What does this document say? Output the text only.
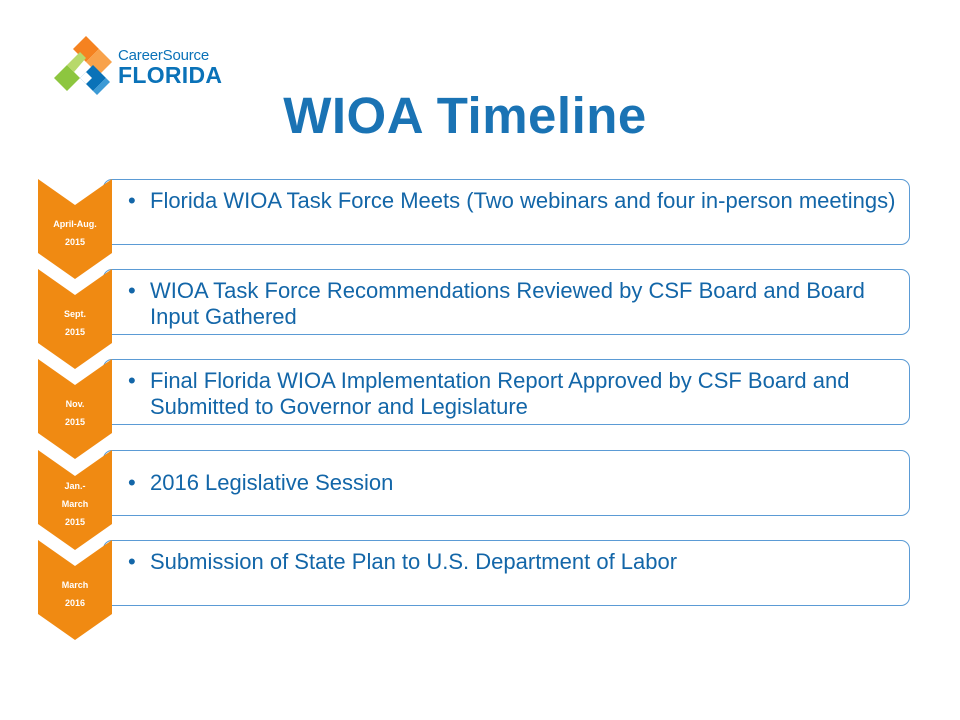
CareerSource
FLORIDA
WIOA Timeline
• Florida WIOA Task Force Meets (Two webinars and four in-person meetings)
April-Aug.
2015
• WIOA Task Force Recommendations Reviewed by CSF Board and Board Input Gathered
Sept.
2015
• Final Florida WIOA Implementation Report Approved by CSF Board and Submitted to Governor and Legislature
Nov.
2015
• 2016 Legislative Session
Jan.-
March
2015
• Submission of State Plan to U.S. Department of Labor
March
2016
